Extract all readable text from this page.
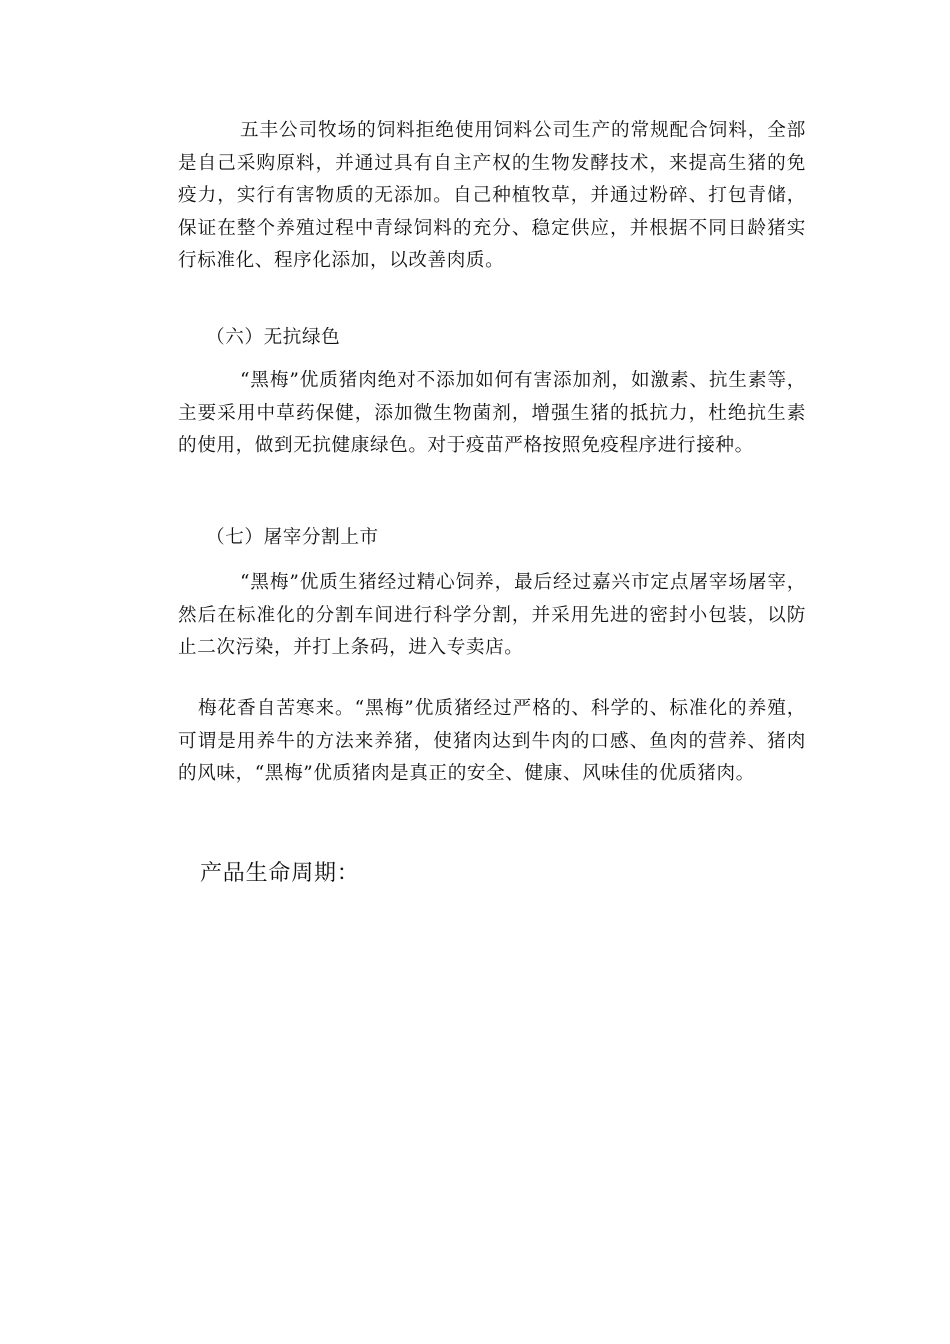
五丰公司牧场的饲料拒绝使用饲料公司生产的常规配合饲料，全部是自己采购原料，并通过具有自主产权的生物发酵技术，来提高生猪的免疫力，实行有害物质的无添加。自己种植牧草，并通过粉碎、打包青储，保证在整个养殖过程中青绿饲料的充分、稳定供应，并根据不同日龄猪实行标准化、程序化添加，以改善肉质。

（六）无抗绿色

“黑梅”优质猪肉绝对不添加如何有害添加剂，如激素、抗生素等，主要采用中草药保健，添加微生物菌剂，增强生猪的抵抗力，杜绝抗生素的使用，做到无抗健康绿色。对于疫苗严格按照免疫程序进行接种。

（七）屠宰分割上市

“黑梅”优质生猪经过精心饲养，最后经过嘉兴市定点屠宰场屠宰，然后在标准化的分割车间进行科学分割，并采用先进的密封小包装，以防止二次污染，并打上条码，进入专卖店。

梅花香自苦寒来。“黑梅”优质猪经过严格的、科学的、标准化的养殖，可谓是用养牛的方法来养猪，使猪肉达到牛肉的口感、鱼肉的营养、猪肉的风味，“黑梅”优质猪肉是真正的安全、健康、风味佳的优质猪肉。

产品生命周期：
